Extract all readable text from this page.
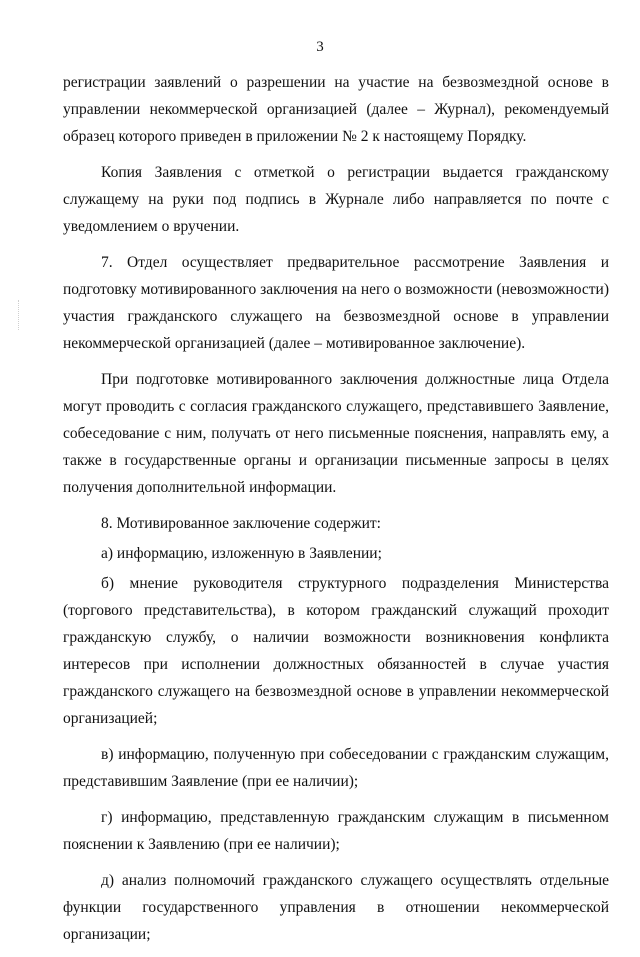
3

регистрации заявлений о разрешении на участие на безвозмездной основе в управлении некоммерческой организацией (далее – Журнал), рекомендуемый образец которого приведен в приложении № 2 к настоящему Порядку.

Копия Заявления с отметкой о регистрации выдается гражданскому служащему на руки под подпись в Журнале либо направляется по почте с уведомлением о вручении.

7. Отдел осуществляет предварительное рассмотрение Заявления и подготовку мотивированного заключения на него о возможности (невозможности) участия гражданского служащего на безвозмездной основе в управлении некоммерческой организацией (далее – мотивированное заключение).

При подготовке мотивированного заключения должностные лица Отдела могут проводить с согласия гражданского служащего, представившего Заявление, собеседование с ним, получать от него письменные пояснения, направлять ему, а также в государственные органы и организации письменные запросы в целях получения дополнительной информации.

8. Мотивированное заключение содержит:

а) информацию, изложенную в Заявлении;

б) мнение руководителя структурного подразделения Министерства (торгового представительства), в котором гражданский служащий проходит гражданскую службу, о наличии возможности возникновения конфликта интересов при исполнении должностных обязанностей в случае участия гражданского служащего на безвозмездной основе в управлении некоммерческой организацией;

в) информацию, полученную при собеседовании с гражданским служащим, представившим Заявление (при ее наличии);

г) информацию, представленную гражданским служащим в письменном пояснении к Заявлению (при ее наличии);

д) анализ полномочий гражданского служащего осуществлять отдельные функции государственного управления в отношении некоммерческой организации;
